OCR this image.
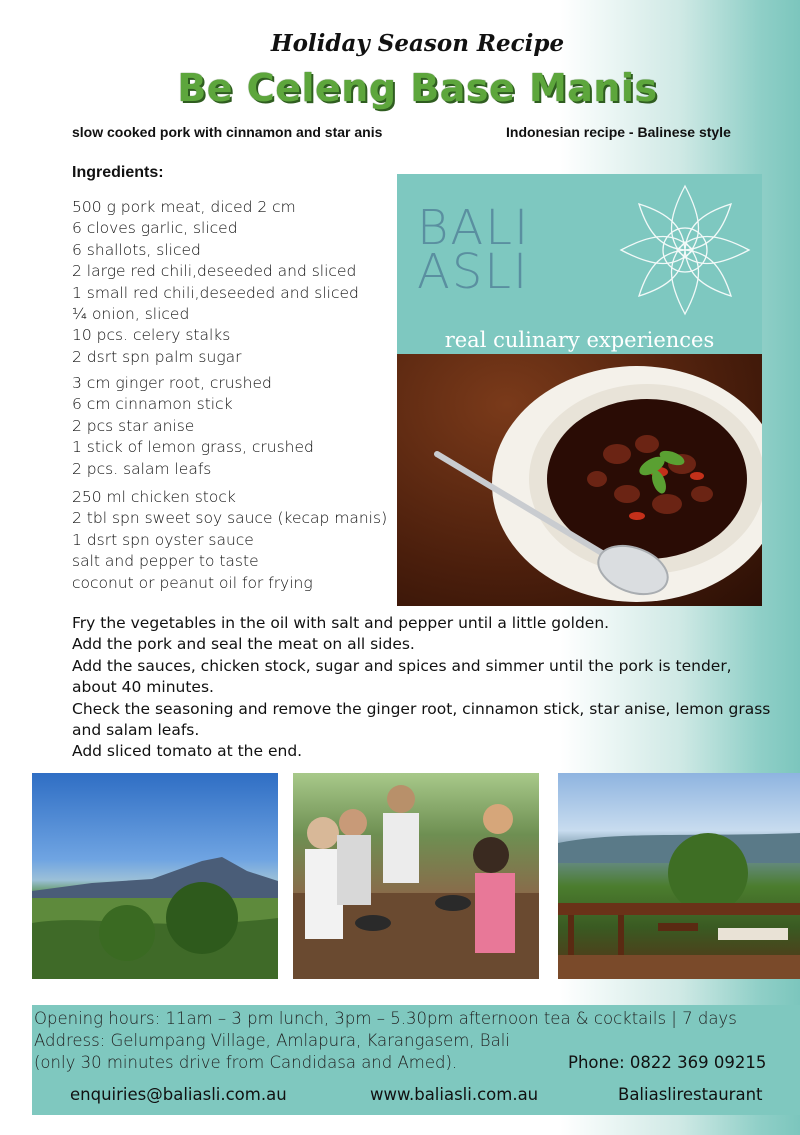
Holiday Season Recipe
Be Celeng Base Manis
slow cooked pork with cinnamon and star anis	Indonesian recipe - Balinese style
Ingredients:
500 g pork meat, diced 2 cm
6 cloves garlic, sliced
6 shallots, sliced
2 large red chili,deseeded and sliced
1 small red chili,deseeded and sliced
¼ onion, sliced
10 pcs. celery stalks
2 dsrt spn palm sugar
3 cm ginger root, crushed
6 cm cinnamon stick
2 pcs star anise
1 stick of lemon grass, crushed
2 pcs. salam leafs
250 ml chicken stock
2 tbl spn sweet soy sauce (kecap manis)
1 dsrt spn oyster sauce
salt and pepper to taste
coconut or peanut oil for frying
BALI
ASLI
real culinary experiences
Fry the vegetables in the oil with salt and pepper until a little golden.
Add the pork and seal the meat on all sides.
Add the sauces, chicken stock, sugar and spices and simmer until the pork is tender, about 40 minutes.
Check the seasoning and remove the ginger root, cinnamon stick, star anise, lemon grass and salam leafs.
Add sliced tomato at the end.
Opening hours: 11am – 3 pm lunch, 3pm – 5.30pm afternoon tea & cocktails | 7 days
Address: Gelumpang Village, Amlapura, Karangasem, Bali
(only 30 minutes drive from Candidasa and Amed).	Phone: 0822 369 09215
enquiries@baliasli.com.au	www.baliasli.com.au	Baliaslirestaurant
